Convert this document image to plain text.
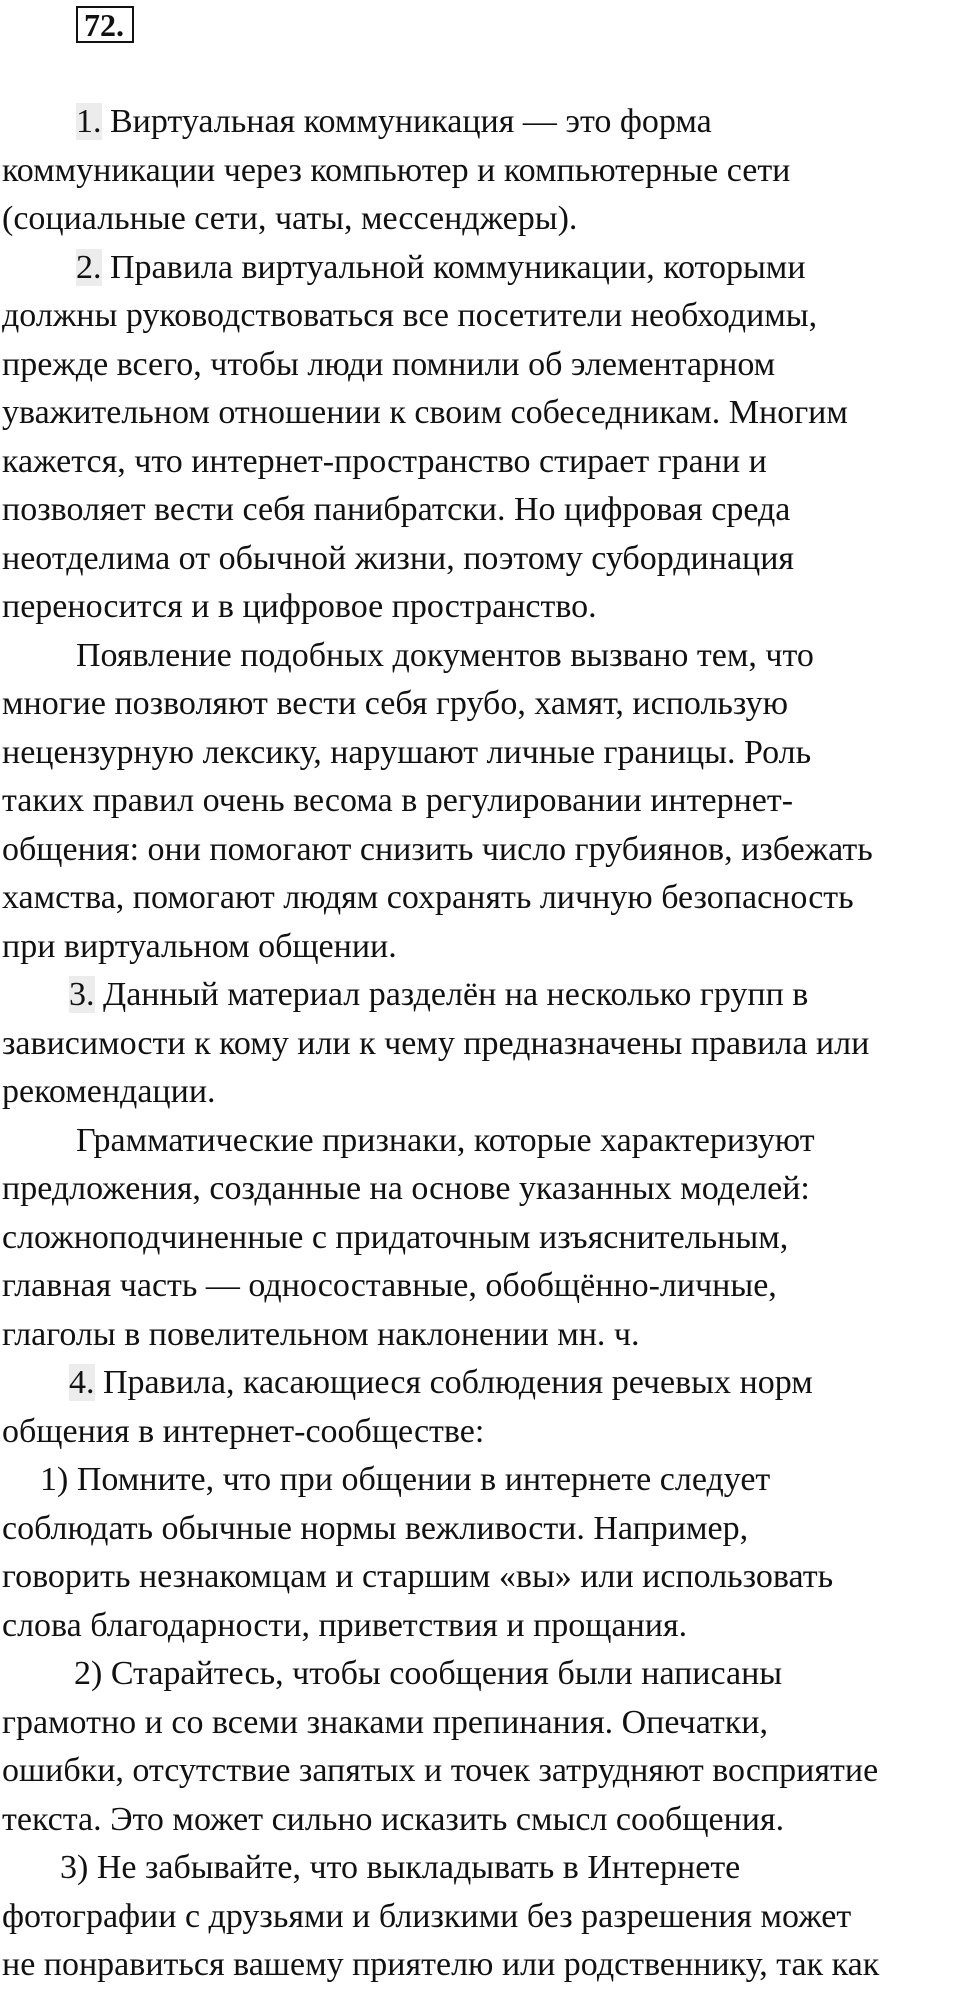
72.

1. Виртуальная коммуникация — это форма

коммуникации через компьютер и компьютерные сети

(социальные сети, чаты, мессенджеры).

2. Правила виртуальной коммуникации, которыми

должны руководствоваться все посетители необходимы,

прежде всего, чтобы люди помнили об элементарном

уважительном отношении к своим собеседникам. Многим

кажется, что интернет-пространство стирает грани и

позволяет вести себя панибратски. Но цифровая среда

неотделима от обычной жизни, поэтому субординация

переносится и в цифровое пространство.

Появление подобных документов вызвано тем, что

многие позволяют вести себя грубо, хамят, использую

нецензурную лексику, нарушают личные границы. Роль

таких правил очень весома в регулировании интернет-

общения: они помогают снизить число грубиянов, избежать

хамства, помогают людям сохранять личную безопасность

при виртуальном общении.

3. Данный материал разделён на несколько групп в

зависимости к кому или к чему предназначены правила или

рекомендации.

Грамматические признаки, которые характеризуют

предложения, созданные на основе указанных моделей:

сложноподчиненные с придаточным изъяснительным,

главная часть — односоставные, обобщённо-личные,

глаголы в повелительном наклонении мн. ч.

4. Правила, касающиеся соблюдения речевых норм

общения в интернет-сообществе:

1) Помните, что при общении в интернете следует

соблюдать обычные нормы вежливости. Например,

говорить незнакомцам и старшим «вы» или использовать

слова благодарности, приветствия и прощания.

2) Старайтесь, чтобы сообщения были написаны

грамотно и со всеми знаками препинания. Опечатки,

ошибки, отсутствие запятых и точек затрудняют восприятие

текста. Это может сильно исказить смысл сообщения.

3) Не забывайте, что выкладывать в Интернете

фотографии с друзьями и близкими без разрешения может

не понравиться вашему приятелю или родственнику, так как
